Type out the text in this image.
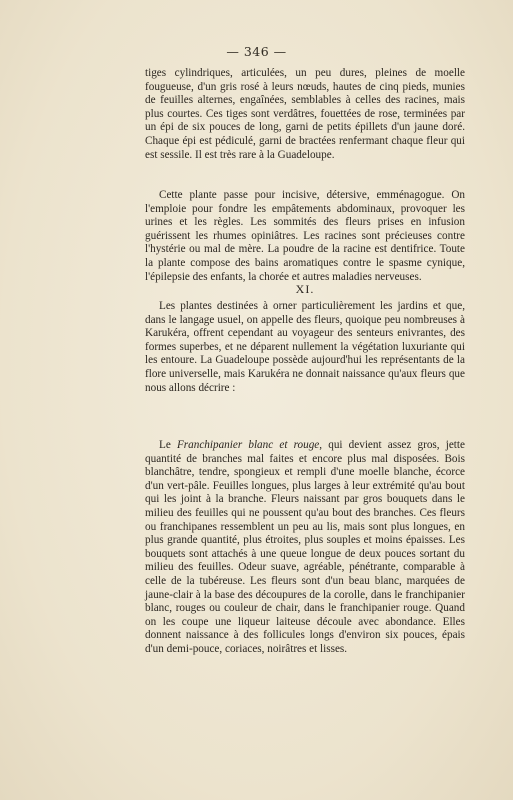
— 346 —

tiges cylindriques, articulées, un peu dures, pleines de moelle fougueuse, d'un gris rosé à leurs nœuds, hautes de cinq pieds, munies de feuilles alternes, engaînées, semblables à celles des racines, mais plus courtes. Ces tiges sont verdâtres, fouettées de rose, terminées par un épi de six pouces de long, garni de petits épillets d'un jaune doré. Chaque épi est pédiculé, garni de bractées renfermant chaque fleur qui est sessile. Il est très rare à la Guadeloupe.

Cette plante passe pour incisive, détersive, emménagogue. On l'emploie pour fondre les empâtements abdominaux, provoquer les urines et les règles. Les sommités des fleurs prises en infusion guérissent les rhumes opiniâtres. Les racines sont précieuses contre l'hystérie ou mal de mère. La poudre de la racine est dentifrice. Toute la plante compose des bains aromatiques contre le spasme cynique, l'épilepsie des enfants, la chorée et autres maladies nerveuses.

XI.

Les plantes destinées à orner particulièrement les jardins et que, dans le langage usuel, on appelle des fleurs, quoique peu nombreuses à Karukéra, offrent cependant au voyageur des senteurs enivrantes, des formes superbes, et ne déparent nullement la végétation luxuriante qui les entoure. La Guadeloupe possède aujourd'hui les représentants de la flore universelle, mais Karukéra ne donnait naissance qu'aux fleurs que nous allons décrire :

Le Franchipanier blanc et rouge, qui devient assez gros, jette quantité de branches mal faites et encore plus mal disposées. Bois blanchâtre, tendre, spongieux et rempli d'une moelle blanche, écorce d'un vert-pâle. Feuilles longues, plus larges à leur extrémité qu'au bout qui les joint à la branche. Fleurs naissant par gros bouquets dans le milieu des feuilles qui ne poussent qu'au bout des branches. Ces fleurs ou franchipanes ressemblent un peu au lis, mais sont plus longues, en plus grande quantité, plus étroites, plus souples et moins épaisses. Les bouquets sont attachés à une queue longue de deux pouces sortant du milieu des feuilles. Odeur suave, agréable, pénétrante, comparable à celle de la tubéreuse. Les fleurs sont d'un beau blanc, marquées de jaune-clair à la base des découpures de la corolle, dans le franchipanier blanc, rouges ou couleur de chair, dans le franchipanier rouge. Quand on les coupe une liqueur laiteuse découle avec abondance. Elles donnent naissance à des follicules longs d'environ six pouces, épais d'un demi-pouce, coriaces, noirâtres et lisses.
